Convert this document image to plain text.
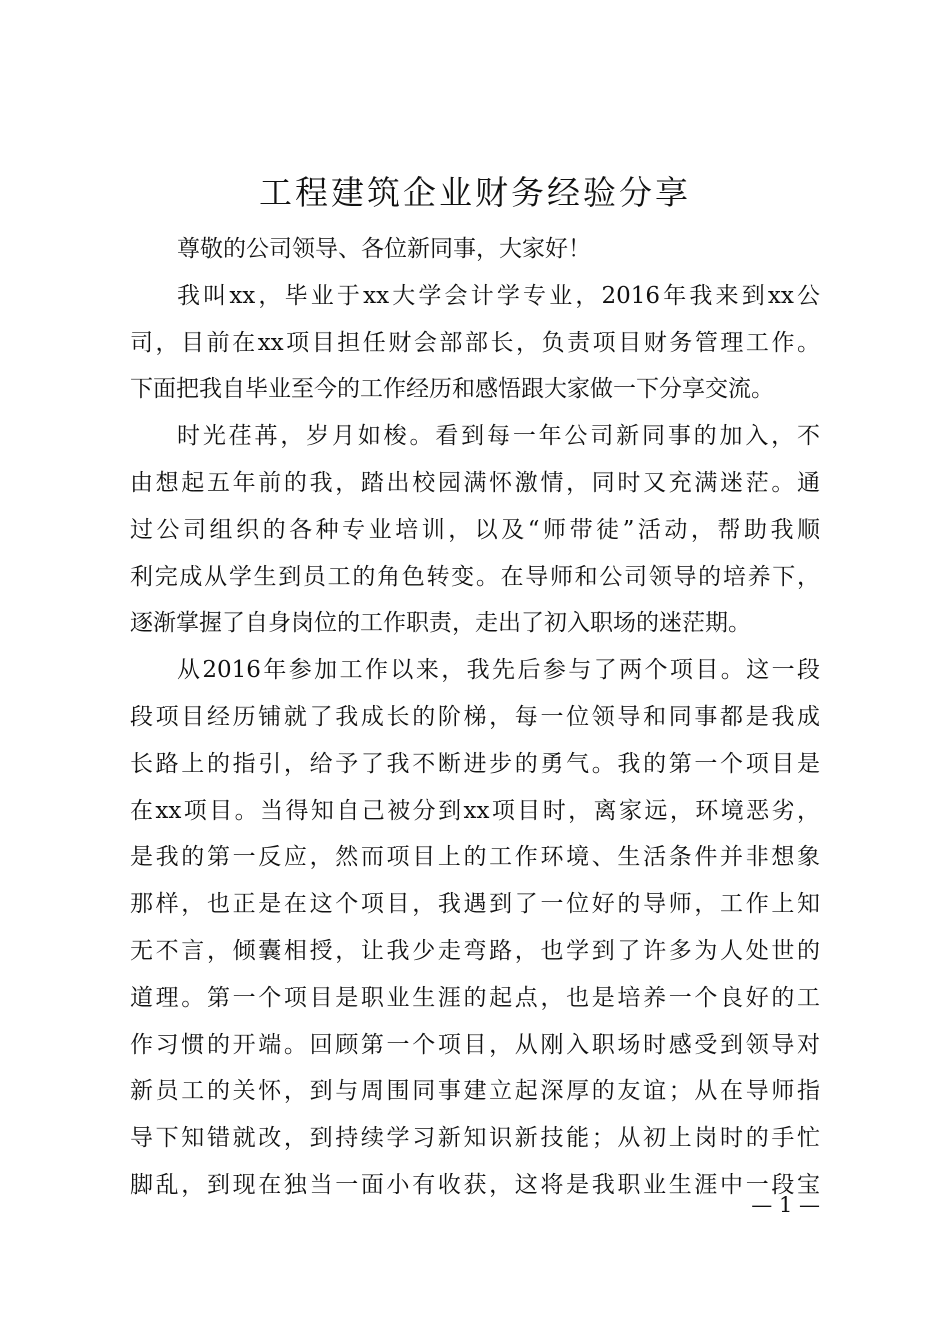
工程建筑企业财务经验分享
尊敬的公司领导、各位新同事，大家好！
我叫xx，毕业于xx大学会计学专业，2016年我来到xx公
司，目前在xx项目担任财会部部长，负责项目财务管理工作。
下面把我自毕业至今的工作经历和感悟跟大家做一下分享交流。
时光荏苒，岁月如梭。看到每一年公司新同事的加入，不
由想起五年前的我，踏出校园满怀激情，同时又充满迷茫。通
过公司组织的各种专业培训，以及“师带徒”活动，帮助我顺
利完成从学生到员工的角色转变。在导师和公司领导的培养下，
逐渐掌握了自身岗位的工作职责，走出了初入职场的迷茫期。
从2016年参加工作以来，我先后参与了两个项目。这一段
段项目经历铺就了我成长的阶梯，每一位领导和同事都是我成
长路上的指引，给予了我不断进步的勇气。我的第一个项目是
在xx项目。当得知自己被分到xx项目时，离家远，环境恶劣，
是我的第一反应，然而项目上的工作环境、生活条件并非想象
那样，也正是在这个项目，我遇到了一位好的导师，工作上知
无不言，倾囊相授，让我少走弯路，也学到了许多为人处世的
道理。第一个项目是职业生涯的起点，也是培养一个良好的工
作习惯的开端。回顾第一个项目，从刚入职场时感受到领导对
新员工的关怀，到与周围同事建立起深厚的友谊；从在导师指
导下知错就改，到持续学习新知识新技能；从初上岗时的手忙
脚乱，到现在独当一面小有收获，这将是我职业生涯中一段宝
— 1 —
